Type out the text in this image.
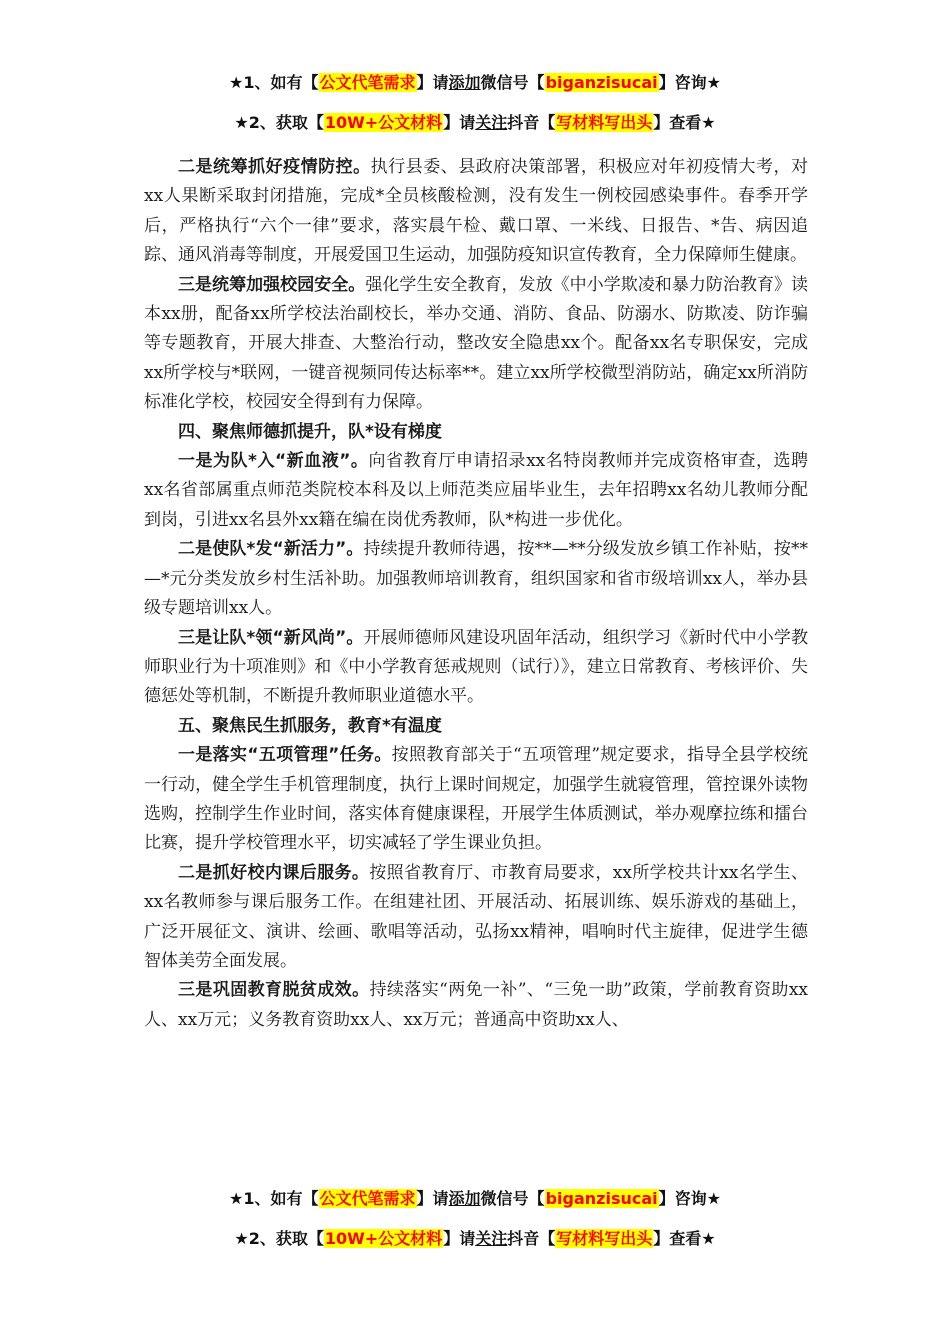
★1、如有【公文代笔需求】请添加微信号【biganzisucai】咨询★
★2、获取【10W+公文材料】请关注抖音【写材料写出头】查看★

二是统筹抓好疫情防控。执行县委、县政府决策部署，积极应对年初疫情大考，对xx人果断采取封闭措施，完成*全员核酸检测，没有发生一例校园感染事件。春季开学后，严格执行“六个一律”要求，落实晨午检、戴口罩、一米线、日报告、*告、病因追踪、通风消毒等制度，开展爱国卫生运动，加强防疫知识宣传教育，全力保障师生健康。

三是统筹加强校园安全。强化学生安全教育，发放《中小学欺凌和暴力防治教育》读本xx册，配备xx所学校法治副校长，举办交通、消防、食品、防溺水、防欺凌、防诈骗等专题教育，开展大排查、大整治行动，整改安全隐患xx个。配备xx名专职保安，完成xx所学校与*联网，一键音视频同传达标率**。建立xx所学校微型消防站，确定xx所消防标准化学校，校园安全得到有力保障。

四、聚焦师德抓提升，队*设有梯度

一是为队*入“新血液”。向省教育厅申请招录xx名特岗教师并完成资格审查，选聘xx名省部属重点师范类院校本科及以上师范类应届毕业生，去年招聘xx名幼儿教师分配到岗，引进xx名县外xx籍在编在岗优秀教师，队*构进一步优化。

二是使队*发“新活力”。持续提升教师待遇，按**—**分级发放乡镇工作补贴，按**—*元分类发放乡村生活补助。加强教师培训教育，组织国家和省市级培训xx人，举办县级专题培训xx人。

三是让队*领“新风尚”。开展师德师风建设巩固年活动，组织学习《新时代中小学教师职业行为十项准则》和《中小学教育惩戒规则（试行）》，建立日常教育、考核评价、失德惩处等机制，不断提升教师职业道德水平。

五、聚焦民生抓服务，教育*有温度

一是落实“五项管理”任务。按照教育部关于“五项管理”规定要求，指导全县学校统一行动，健全学生手机管理制度，执行上课时间规定，加强学生就寝管理，管控课外读物选购，控制学生作业时间，落实体育健康课程，开展学生体质测试，举办观摩拉练和擂台比赛，提升学校管理水平，切实减轻了学生课业负担。

二是抓好校内课后服务。按照省教育厅、市教育局要求，xx所学校共计xx名学生、xx名教师参与课后服务工作。在组建社团、开展活动、拓展训练、娱乐游戏的基础上，广泛开展征文、演讲、绘画、歌唱等活动，弘扬xx精神，唱响时代主旋律，促进学生德智体美劳全面发展。

三是巩固教育脱贫成效。持续落实“两免一补”、“三免一助”政策，学前教育资助xx人、xx万元；义务教育资助xx人、xx万元；普通高中资助xx人、

★1、如有【公文代笔需求】请添加微信号【biganzisucai】咨询★
★2、获取【10W+公文材料】请关注抖音【写材料写出头】查看★
